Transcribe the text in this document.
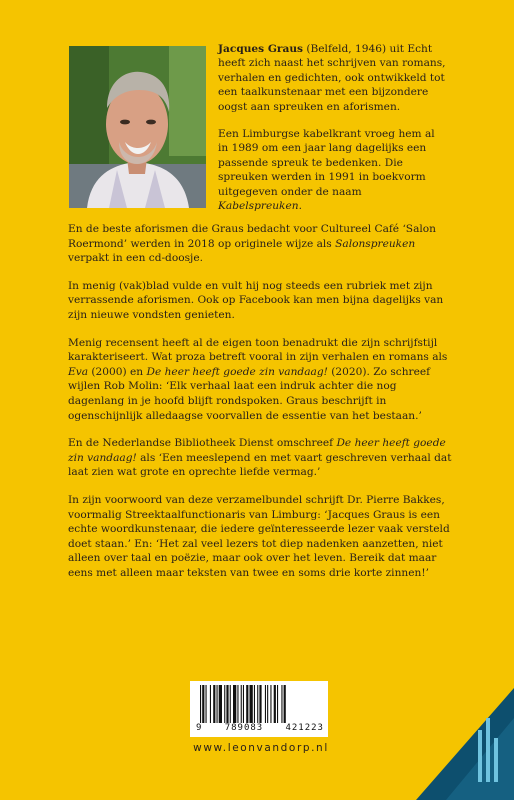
Jacques Graus (Belfeld, 1946) uit Echt heeft zich naast het schrijven van romans, verhalen en gedichten, ook ontwikkeld tot een taalkunstenaar met een bijzondere oogst aan spreuken en aforismen.

Een Limburgse kabelkrant vroeg hem al in 1989 om een jaar lang dagelijks een passende spreuk te bedenken. Die spreuken werden in 1991 in boekvorm uitgegeven onder de naam Kabelspreuken.

En de beste aforismen die Graus bedacht voor Cultureel Café ‘Salon Roermond’ werden in 2018 op originele wijze als Salonspreuken verpakt in een cd-doosje.

In menig (vak)blad vulde en vult hij nog steeds een rubriek met zijn verrassende aforismen. Ook op Facebook kan men bijna dagelijks van zijn nieuwe vondsten genieten.

Menig recensent heeft al de eigen toon benadrukt die zijn schrijfstijl karakteriseert. Wat proza betreft vooral in zijn verhalen en romans als Eva (2000) en De heer heeft goede zin vandaag! (2020). Zo schreef wijlen Rob Molin: ‘Elk verhaal laat een indruk achter die nog dagenlang in je hoofd blijft rondspoken. Graus beschrijft in ogenschijnlijk alledaagse voorvallen de essentie van het bestaan.’

En de Nederlandse Bibliotheek Dienst omschreef De heer heeft goede zin vandaag! als ‘Een meeslepend en met vaart geschreven verhaal dat laat zien wat grote en oprechte liefde vermag.’

In zijn voorwoord van deze verzamelbundel schrijft Dr. Pierre Bakkes, voormalig Streektaalfunctionaris van Limburg: ‘Jacques Graus is een echte woordkunstenaar, die iedere geïnteresseerde lezer vaak versteld doet staan.’ En: ‘Het zal veel lezers tot diep nadenken aanzetten, niet alleen over taal en poëzie, maar ook over het leven. Bereik dat maar eens met alleen maar teksten van twee en soms drie korte zinnen!’

9 789083 421223
www.leonvandorp.nl
